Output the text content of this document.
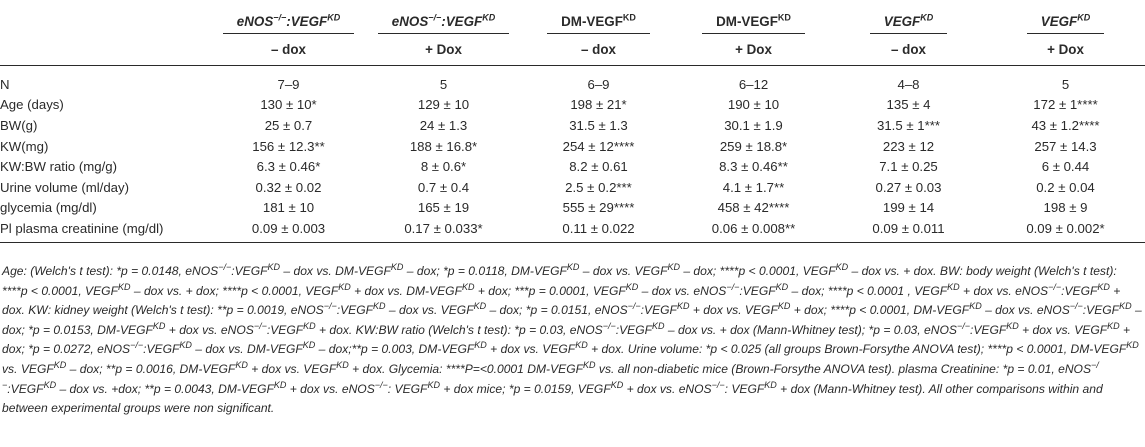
	$eNOS^{-/-}:VEGF^{KD}$	$eNOS^{-/-}:VEGF^{KD}$	$DM-VEGF^{KD}$	$DM-VEGF^{KD}$	$VEGF^{KD}$	$VEGF^{KD}$
	– dox	+ Dox	– dox	+ Dox	– dox	+ Dox
N	7–9	5	6–9	6–12	4–8	5
Age (days)	130 ± 10*	129 ± 10	198 ± 21*	190 ± 10	135 ± 4	172 ± 1****
BW(g)	25 ± 0.7	24 ± 1.3	31.5 ± 1.3	30.1 ± 1.9	31.5 ± 1***	43 ± 1.2****
KW(mg)	156 ± 12.3**	188 ± 16.8*	254 ± 12****	259 ± 18.8*	223 ± 12	257 ± 14.3
KW:BW ratio (mg/g)	6.3 ± 0.46*	8 ± 0.6*	8.2 ± 0.61	8.3 ± 0.46**	7.1 ± 0.25	6 ± 0.44
Urine volume (ml/day)	0.32 ± 0.02	0.7 ± 0.4	2.5 ± 0.2***	4.1 ± 1.7**	0.27 ± 0.03	0.2 ± 0.04
glycemia (mg/dl)	181 ± 10	165 ± 19	555 ± 29****	458 ± 42****	199 ± 14	198 ± 9
Pl plasma creatinine (mg/dl)	0.09 ± 0.003	0.17 ± 0.033*	0.11 ± 0.022	0.06 ± 0.008**	0.09 ± 0.011	0.09 ± 0.002*
Age: (Welch's t test): *p = 0.0148, $eNOS^{-/-}:VEGF^{KD}$ – dox vs. $DM-VEGF^{KD}$ – dox; *p = 0.0118, $DM-VEGF^{KD}$ – dox vs. $VEGF^{KD}$ – dox; ****p < 0.0001, $VEGF^{KD}$ – dox vs. + dox. BW: body weight (Welch's t test): ****p < 0.0001, $VEGF^{KD}$ – dox vs. + dox; ****p < 0.0001, $VEGF^{KD}$ + dox vs. $DM-VEGF^{KD}$ + dox; ***p = 0.0001, $VEGF^{KD}$ – dox vs. $eNOS^{-/-}:VEGF^{KD}$ – dox; ****p < 0.0001 , $VEGF^{KD}$ + dox vs. $eNOS^{-/-}:VEGF^{KD}$ + dox. KW: kidney weight (Welch's t test): **p = 0.0019, $eNOS^{-/-}:VEGF^{KD}$ – dox vs. $VEGF^{KD}$ – dox; *p = 0.0151, $eNOS^{-/-}:VEGF^{KD}$ + dox vs. $VEGF^{KD}$ + dox; ****p < 0.0001, $DM-VEGF^{KD}$ – dox vs. $eNOS^{-/-}:VEGF^{KD}$ – dox; *p = 0.0153, $DM-VEGF^{KD}$ + dox vs. $eNOS^{-/-}:VEGF^{KD}$ + dox. KW:BW ratio (Welch's t test): *p = 0.03, $eNOS^{-/-}:VEGF^{KD}$ – dox vs. + dox (Mann-Whitney test); *p = 0.03, $eNOS^{-/-}:VEGF^{KD}$ + dox vs. $VEGF^{KD}$ + dox; *p = 0.0272, $eNOS^{-/-}:VEGF^{KD}$ – dox vs. $DM-VEGF^{KD}$ – dox;**p = 0.003, $DM-VEGF^{KD}$ + dox vs. $VEGF^{KD}$ + dox. Urine volume: *p < 0.025 (all groups Brown-Forsythe ANOVA test); ****p < 0.0001, $DM-VEGF^{KD}$ vs. $VEGF^{KD}$ – dox; **p = 0.0016, $DM-VEGF^{KD}$ + dox vs. $VEGF^{KD}$ + dox. Glycemia: ****P=<0.0001 $DM-VEGF^{KD}$ vs. all non-diabetic mice (Brown-Forsythe ANOVA test). plasma Creatinine: *p = 0.01, $eNOS^{-/-}:VEGF^{KD}$ – dox vs. +dox; **p = 0.0043, $DM-VEGF^{KD}$ + dox vs. eNOS−/−: $VEGF^{KD}$ + dox mice; *p = 0.0159, $VEGF^{KD}$ + dox vs. eNOS−/−: $VEGF^{KD}$ + dox (Mann-Whitney test). All other comparisons within and between experimental groups were non significant.
